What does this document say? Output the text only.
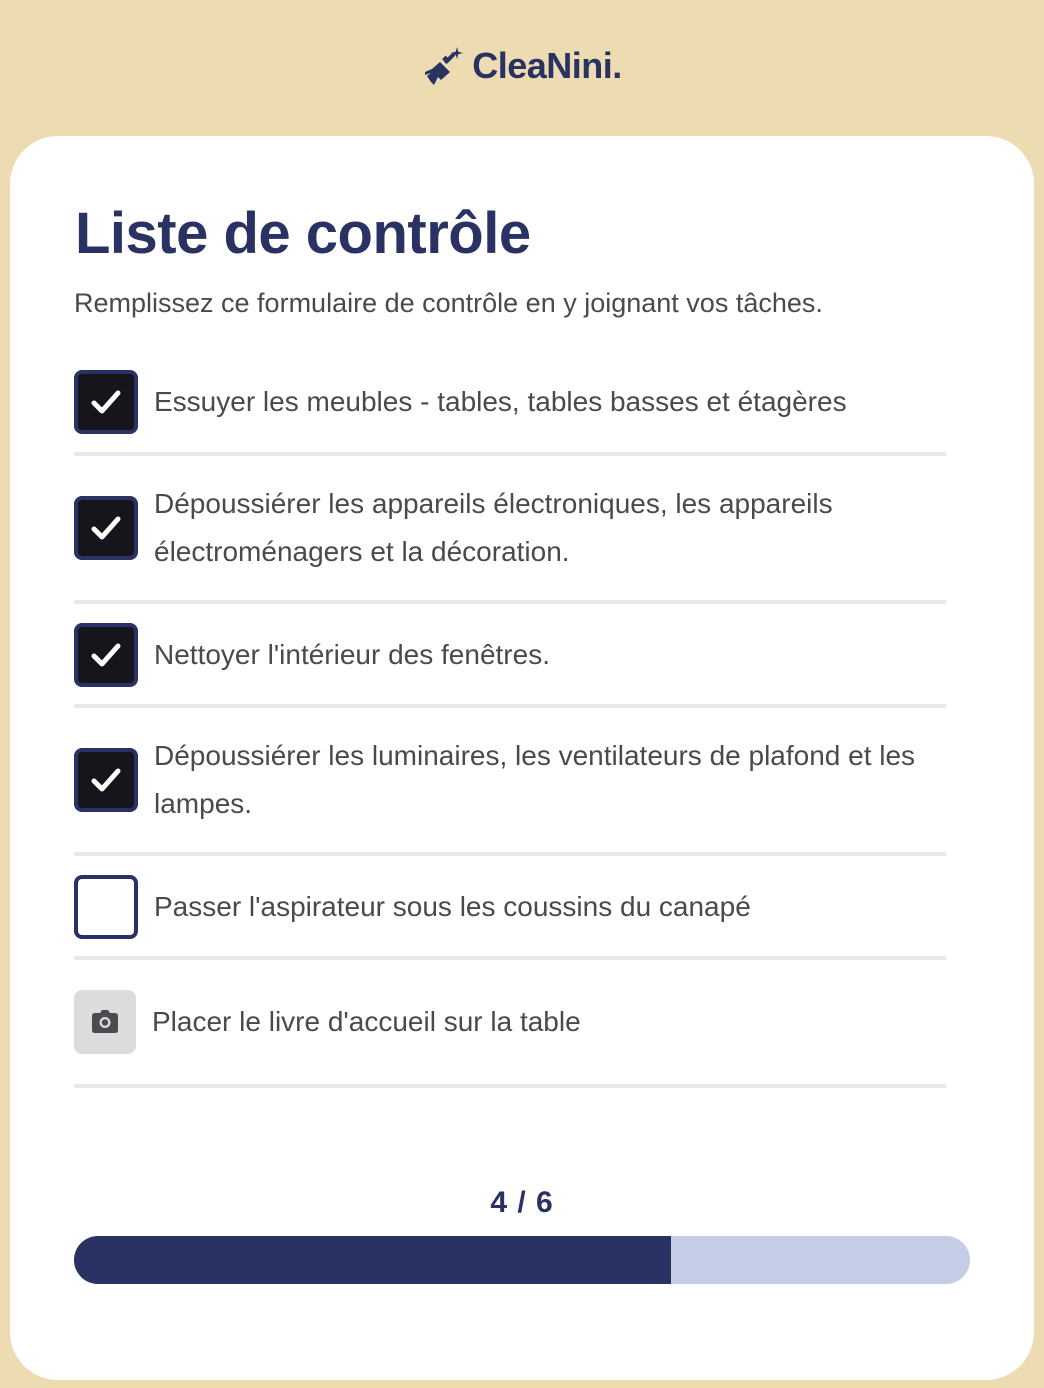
CleaNini.
Liste de contrôle

Remplissez ce formulaire de contrôle en y joignant vos tâches.

Essuyer les meubles - tables, tables basses et étagères
Dépoussiérer les appareils électroniques, les appareils électroménagers et la décoration.
Nettoyer l'intérieur des fenêtres.
Dépoussiérer les luminaires, les ventilateurs de plafond et les lampes.
Passer l'aspirateur sous les coussins du canapé
Placer le livre d'accueil sur la table
4 / 6
